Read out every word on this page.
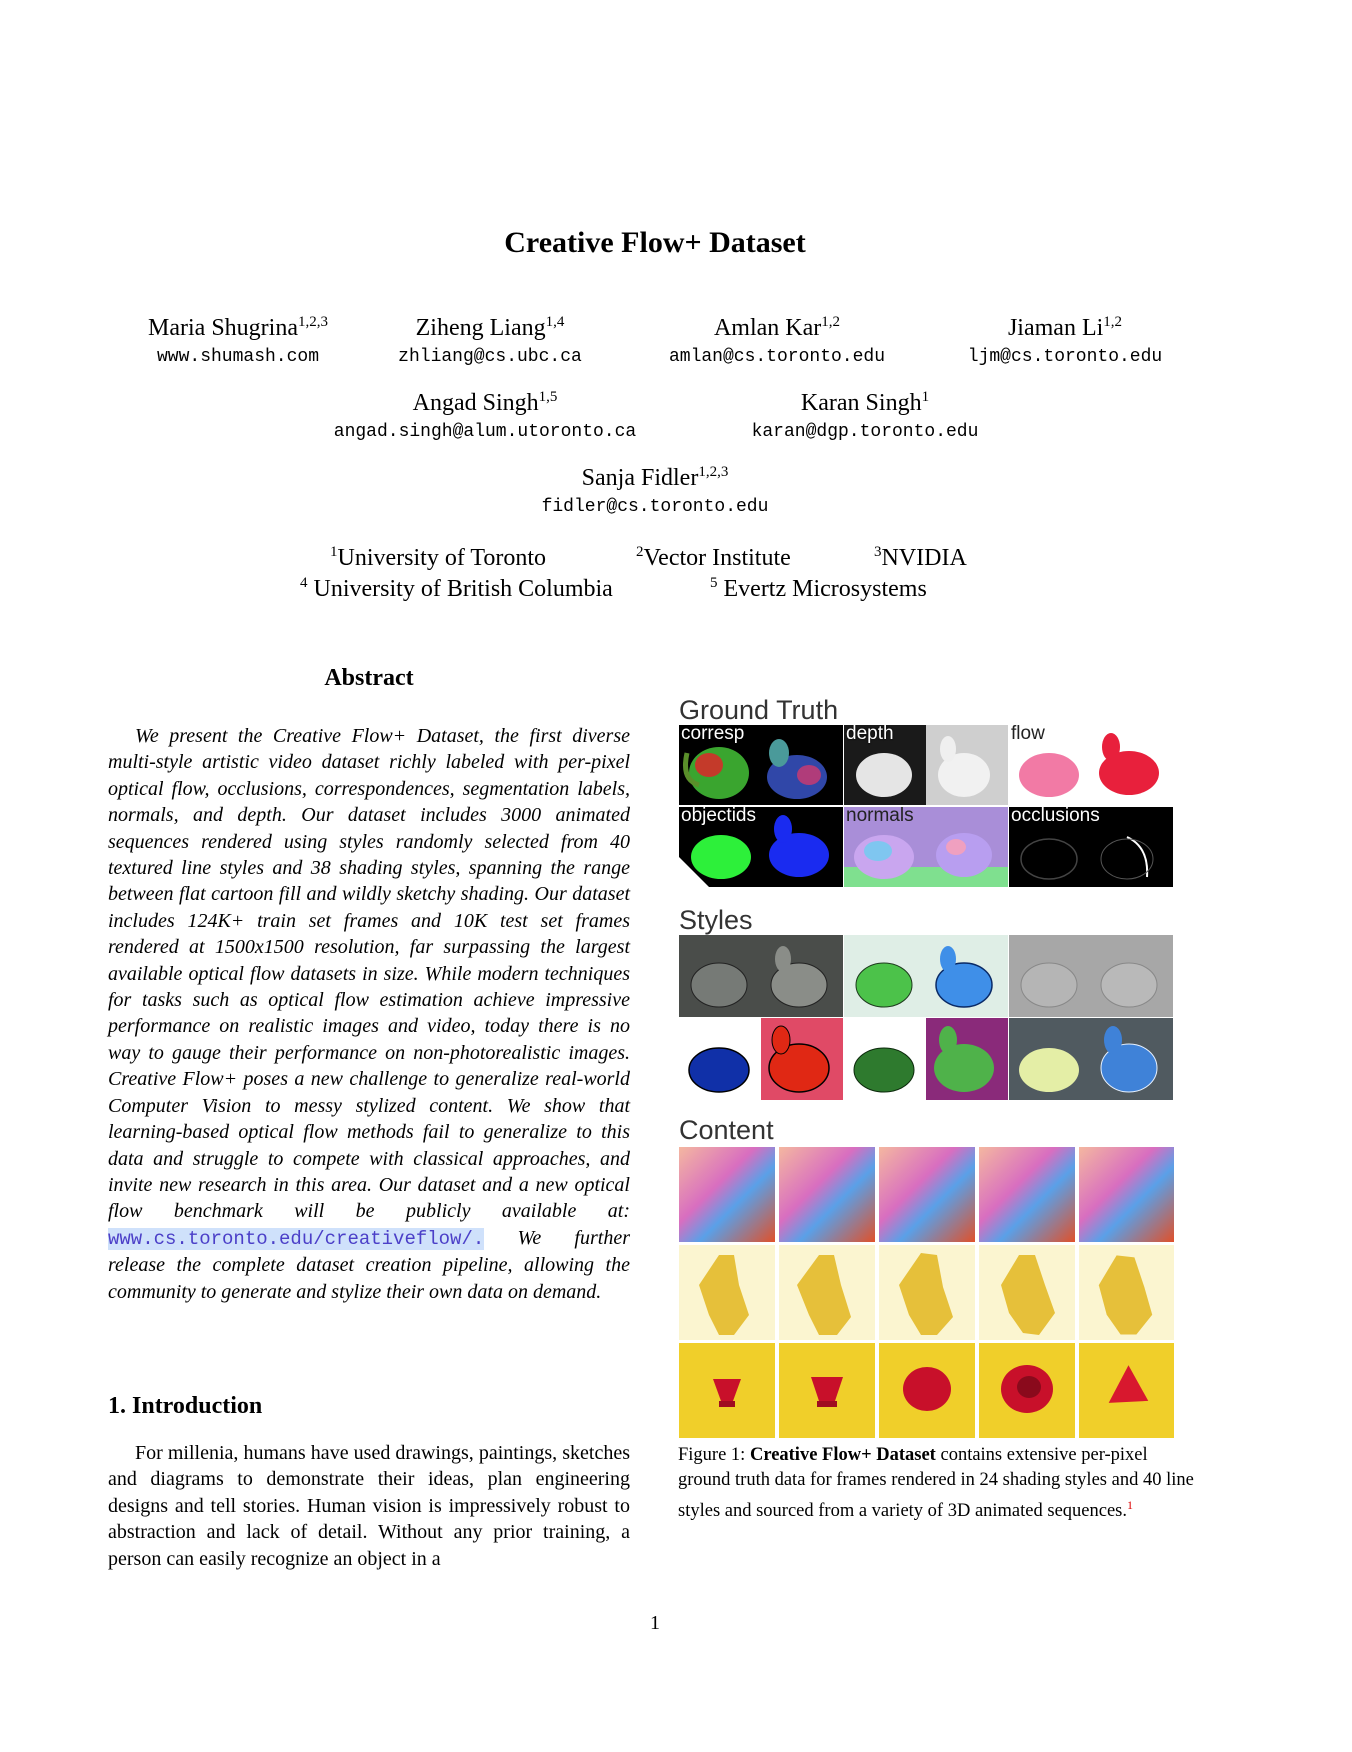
Creative Flow+ Dataset
Maria Shugrina$^{1,2,3}$
www.shumash.com
Ziheng Liang$^{1,4}$
zhliang@cs.ubc.ca
Amlan Kar$^{1,2}$
amlan@cs.toronto.edu
Jiaman Li$^{1,2}$
ljm@cs.toronto.edu
Angad Singh$^{1,5}$
angad.singh@alum.utoronto.ca
Karan Singh$^1$
karan@dgp.toronto.edu
Sanja Fidler$^{1,2,3}$
fidler@cs.toronto.edu
$^1$University of Toronto	$^2$Vector Institute	$^3$NVIDIA
$^4$ University of British Columbia	$^5$ Evertz Microsystems
Abstract

We present the Creative Flow+ Dataset, the first diverse multi-style artistic video dataset richly labeled with per-pixel optical flow, occlusions, correspondences, segmentation labels, normals, and depth. Our dataset includes 3000 animated sequences rendered using styles randomly selected from 40 textured line styles and 38 shading styles, spanning the range between flat cartoon fill and wildly sketchy shading. Our dataset includes 124K+ train set frames and 10K test set frames rendered at 1500x1500 resolution, far surpassing the largest available optical flow datasets in size. While modern techniques for tasks such as optical flow estimation achieve impressive performance on realistic images and video, today there is no way to gauge their performance on non-photorealistic images. Creative Flow+ poses a new challenge to generalize real-world Computer Vision to messy stylized content. We show that learning-based optical flow methods fail to generalize to this data and struggle to compete with classical approaches, and invite new research in this area. Our dataset and a new optical flow benchmark will be publicly available at: www.cs.toronto.edu/creativeflow/. We further release the complete dataset creation pipeline, allowing the community to generate and stylize their own data on demand.

1. Introduction

For millenia, humans have used drawings, paintings, sketches and diagrams to demonstrate their ideas, plan engineering designs and tell stories. Human vision is impressively robust to abstraction and lack of detail. Without any prior training, a person can easily recognize an object in a

Ground Truth
corresp	depth	flow
objectids	normals	occlusions
Styles
Content
Figure 1: Creative Flow+ Dataset contains extensive per-pixel ground truth data for frames rendered in 24 shading styles and 40 line styles and sourced from a variety of 3D animated sequences.$^1$
1
